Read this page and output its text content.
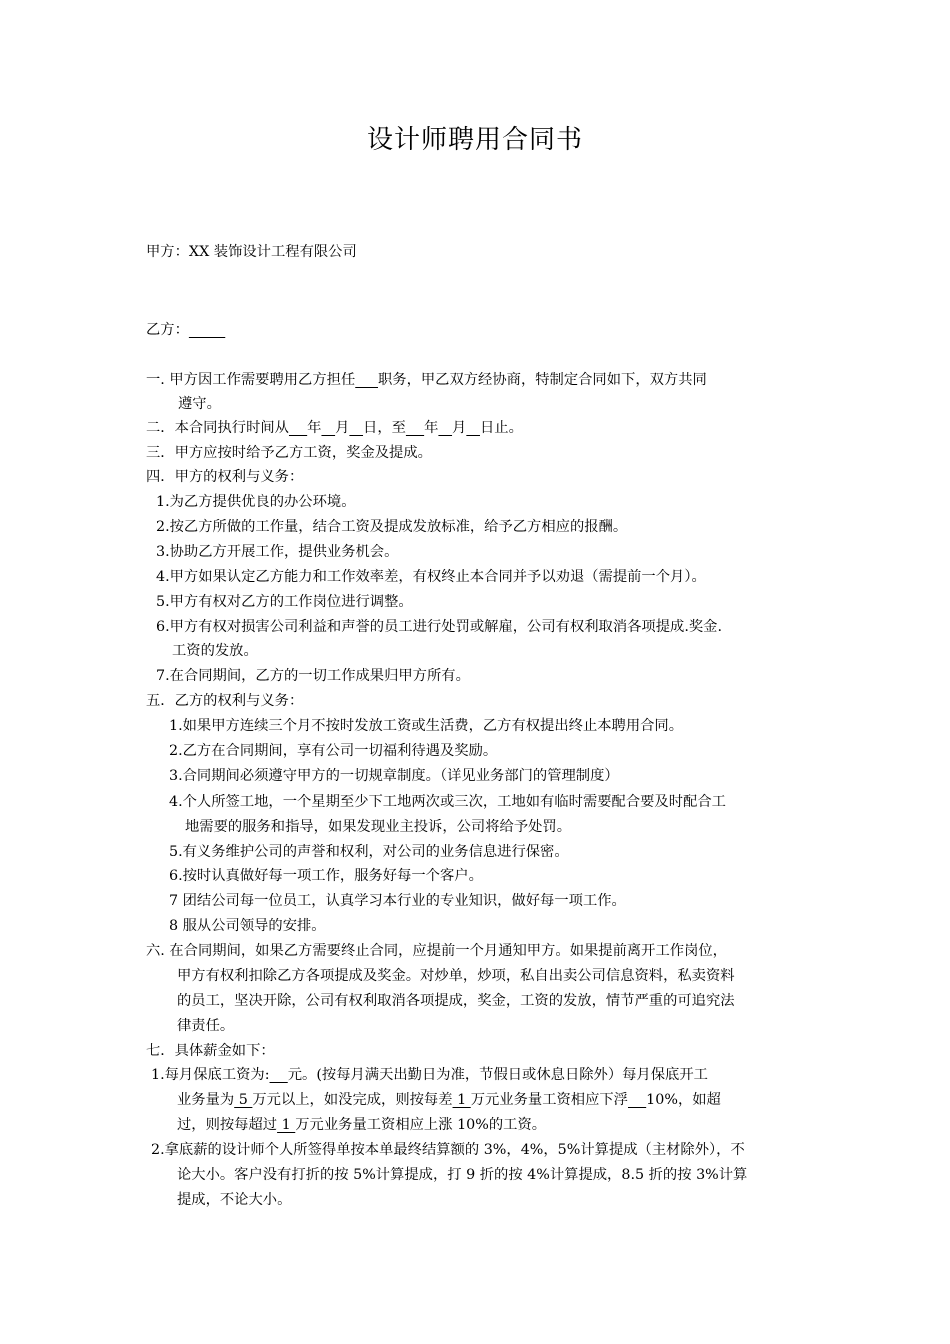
设计师聘用合同书
甲方：XX 装饰设计工程有限公司
乙方：
一. 甲方因工作需要聘用乙方担任 职务，甲乙双方经协商，特制定合同如下，双方共同
遵守。
二．本合同执行时间从 年 月 日，至 年 月 日止。
三．甲方应按时给予乙方工资，奖金及提成。
四．甲方的权利与义务：
1.为乙方提供优良的办公环境。
2.按乙方所做的工作量，结合工资及提成发放标准，给予乙方相应的报酬。
3.协助乙方开展工作，提供业务机会。
4.甲方如果认定乙方能力和工作效率差，有权终止本合同并予以劝退（需提前一个月）。
5.甲方有权对乙方的工作岗位进行调整。
6.甲方有权对损害公司利益和声誉的员工进行处罚或解雇，公司有权利取消各项提成.奖金.
工资的发放。
7.在合同期间，乙方的一切工作成果归甲方所有。
五．乙方的权利与义务：
1.如果甲方连续三个月不按时发放工资或生活费，乙方有权提出终止本聘用合同。
2.乙方在合同期间，享有公司一切福利待遇及奖励。
3.合同期间必须遵守甲方的一切规章制度。（详见业务部门的管理制度）
4.个人所签工地，一个星期至少下工地两次或三次，工地如有临时需要配合要及时配合工
地需要的服务和指导，如果发现业主投诉，公司将给予处罚。
5.有义务维护公司的声誉和权利，对公司的业务信息进行保密。
6.按时认真做好每一项工作，服务好每一个客户。
7 团结公司每一位员工，认真学习本行业的专业知识，做好每一项工作。
8 服从公司领导的安排。
六. 在合同期间，如果乙方需要终止合同，应提前一个月通知甲方。如果提前离开工作岗位，
甲方有权利扣除乙方各项提成及奖金。对炒单，炒项，私自出卖公司信息资料，私卖资料
的员工，坚决开除，公司有权利取消各项提成，奖金，工资的发放，情节严重的可追究法
律责任。
七．具体薪金如下：
1.每月保底工资为: 元。(按每月满天出勤日为准，节假日或休息日除外）每月保底开工
业务量为 5 万元以上，如没完成，则按每差 1 万元业务量工资相应下浮 10%，如超
过，则按每超过 1 万元业务量工资相应上涨 10%的工资。
2.拿底薪的设计师个人所签得单按本单最终结算额的 3%，4%，5%计算提成（主材除外），不
论大小。客户没有打折的按 5%计算提成，打 9 折的按 4%计算提成，8.5 折的按 3%计算
提成，不论大小。
